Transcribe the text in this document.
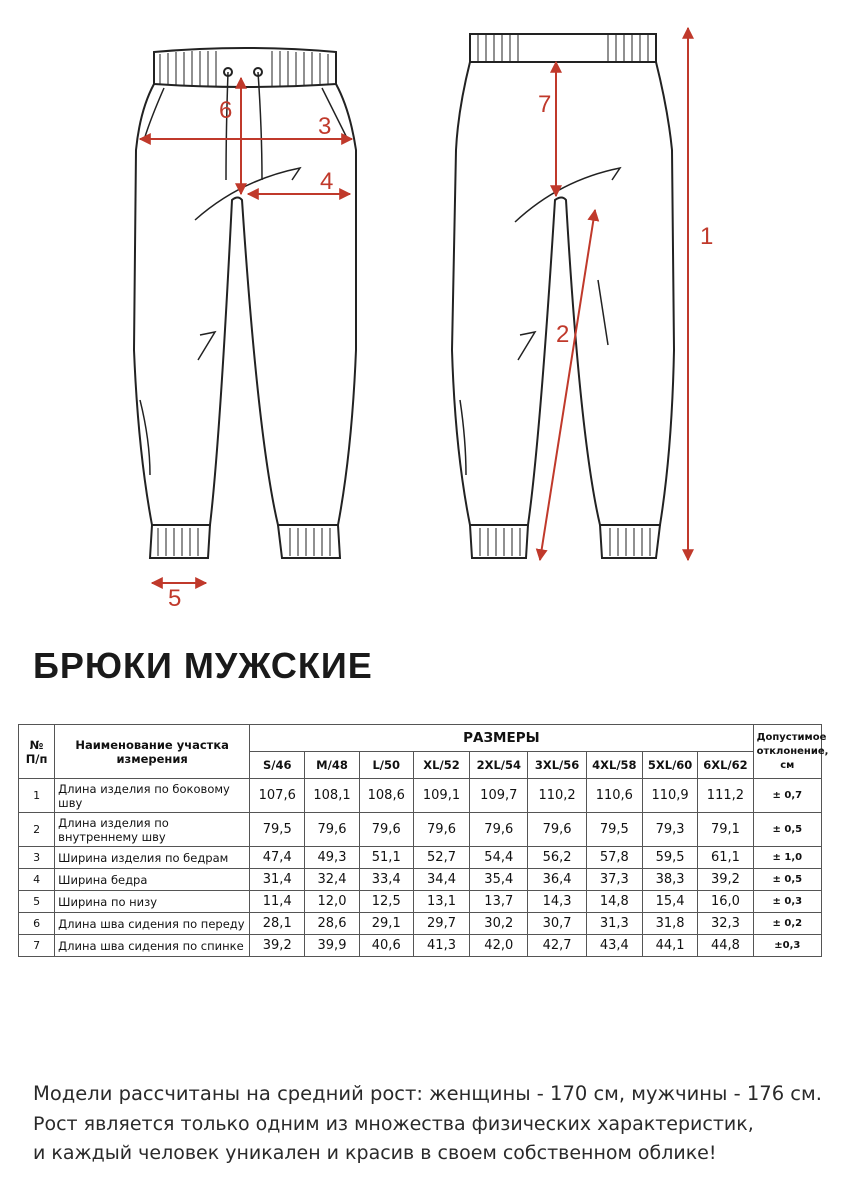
1
2
3
4
5
6	7
БРЮКИ МУЖСКИЕ
№ П/п	Наименование участка измерения	РАЗМЕРЫ									Допустимое отклонение, см
		S/46	M/48	L/50	XL/52	2XL/54	3XL/56	4XL/58	5XL/60	6XL/62	
1	Длина изделия по боковому шву	107,6	108,1	108,6	109,1	109,7	110,2	110,6	110,9	111,2	± 0,7
2	Длина изделия по внутреннему шву	79,5	79,6	79,6	79,6	79,6	79,6	79,5	79,3	79,1	± 0,5
3	Ширина изделия по бедрам	47,4	49,3	51,1	52,7	54,4	56,2	57,8	59,5	61,1	± 1,0
4	Ширина бедра	31,4	32,4	33,4	34,4	35,4	36,4	37,3	38,3	39,2	± 0,5
5	Ширина по низу	11,4	12,0	12,5	13,1	13,7	14,3	14,8	15,4	16,0	± 0,3
6	Длина шва сидения по переду	28,1	28,6	29,1	29,7	30,2	30,7	31,3	31,8	32,3	± 0,2
7	Длина шва сидения по спинке	39,2	39,9	40,6	41,3	42,0	42,7	43,4	44,1	44,8	±0,3
Модели рассчитаны на средний рост: женщины - 170 см, мужчины - 176 см.
Рост является только одним из множества физических характеристик,
и каждый человек уникален и красив в своем собственном облике!
